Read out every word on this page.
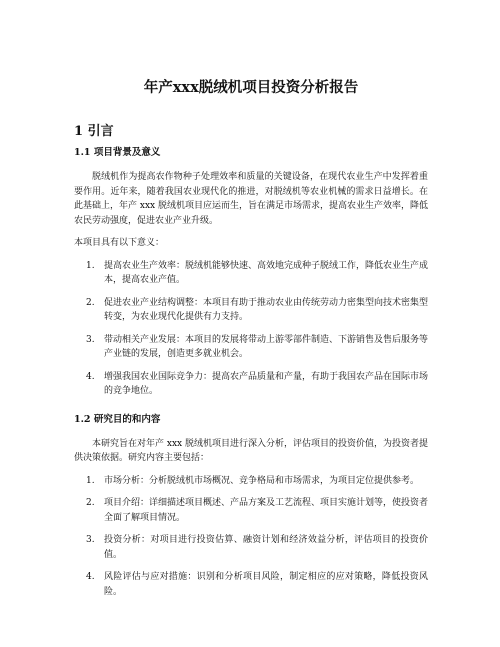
年产xxx脱绒机项目投资分析报告
1 引言
1.1 项目背景及意义

脱绒机作为提高农作物种子处理效率和质量的关键设备，在现代农业生产中发挥着重要作用。近年来，随着我国农业现代化的推进，对脱绒机等农业机械的需求日益增长。在此基础上，年产 xxx 脱绒机项目应运而生，旨在满足市场需求，提高农业生产效率，降低农民劳动强度，促进农业产业升级。

本项目具有以下意义：

1. 提高农业生产效率：脱绒机能够快速、高效地完成种子脱绒工作，降低农业生产成本，提高农业产值。
2. 促进农业产业结构调整：本项目有助于推动农业由传统劳动力密集型向技术密集型转变，为农业现代化提供有力支持。
3. 带动相关产业发展：本项目的发展将带动上游零部件制造、下游销售及售后服务等产业链的发展，创造更多就业机会。
4. 增强我国农业国际竞争力：提高农产品质量和产量，有助于我国农产品在国际市场的竞争地位。
1.2 研究目的和内容

本研究旨在对年产 xxx 脱绒机项目进行深入分析，评估项目的投资价值，为投资者提供决策依据。研究内容主要包括：

1. 市场分析：分析脱绒机市场概况、竞争格局和市场需求，为项目定位提供参考。
2. 项目介绍：详细描述项目概述、产品方案及工艺流程、项目实施计划等，使投资者全面了解项目情况。
3. 投资分析：对项目进行投资估算、融资计划和经济效益分析，评估项目的投资价值。
4. 风险评估与应对措施：识别和分析项目风险，制定相应的应对策略，降低投资风险。
